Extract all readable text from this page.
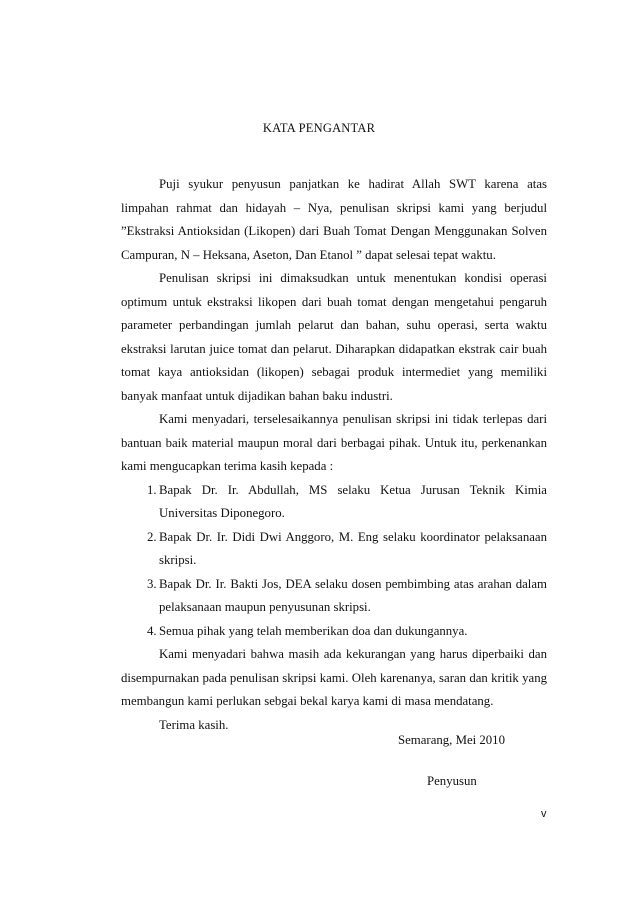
KATA PENGANTAR

Puji syukur penyusun panjatkan ke hadirat Allah SWT karena atas limpahan rahmat dan hidayah – Nya, penulisan skripsi kami yang berjudul ”Ekstraksi Antioksidan (Likopen) dari Buah Tomat Dengan Menggunakan Solven Campuran, N – Heksana, Aseton, Dan Etanol ” dapat selesai tepat waktu.

Penulisan skripsi ini dimaksudkan untuk menentukan kondisi operasi optimum untuk ekstraksi likopen dari buah tomat dengan mengetahui pengaruh parameter perbandingan jumlah pelarut dan bahan, suhu operasi, serta waktu ekstraksi larutan juice tomat dan pelarut. Diharapkan didapatkan ekstrak cair buah tomat kaya antioksidan (likopen) sebagai produk intermediet yang memiliki banyak manfaat untuk dijadikan bahan baku industri.

Kami menyadari, terselesaikannya penulisan skripsi ini tidak terlepas dari bantuan baik material maupun moral dari berbagai pihak. Untuk itu, perkenankan kami mengucapkan terima kasih kepada :

1. Bapak Dr. Ir. Abdullah, MS selaku Ketua Jurusan Teknik Kimia Universitas Diponegoro.
2. Bapak Dr. Ir. Didi Dwi Anggoro, M. Eng selaku koordinator pelaksanaan skripsi.
3. Bapak Dr. Ir. Bakti Jos, DEA selaku dosen pembimbing atas arahan dalam pelaksanaan maupun penyusunan skripsi.
4. Semua pihak yang telah memberikan doa dan dukungannya.

Kami menyadari bahwa masih ada kekurangan yang harus diperbaiki dan disempurnakan pada penulisan skripsi kami. Oleh karenanya, saran dan kritik yang membangun kami perlukan sebgai bekal karya kami di masa mendatang.

Terima kasih.

Semarang, Mei 2010
Penyusun
v
